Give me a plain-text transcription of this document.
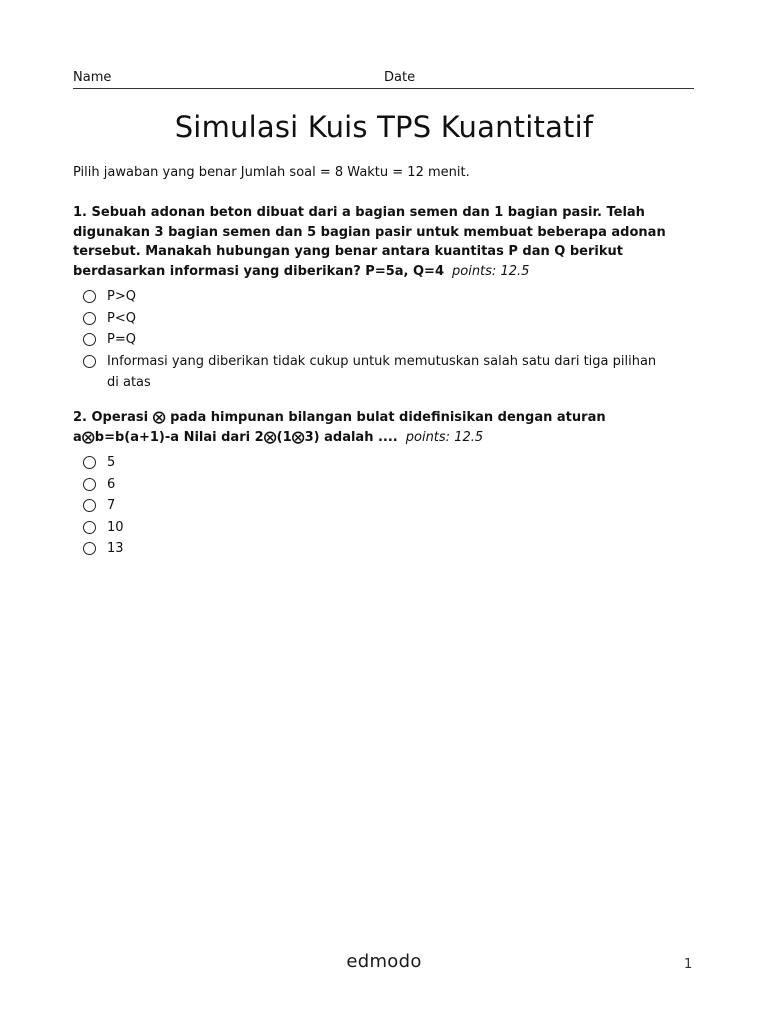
Name	Date
Simulasi Kuis TPS Kuantitatif
Pilih jawaban yang benar Jumlah soal = 8 Waktu = 12 menit.

1. Sebuah adonan beton dibuat dari a bagian semen dan 1 bagian pasir. Telah digunakan 3 bagian semen dan 5 bagian pasir untuk membuat beberapa adonan tersebut. Manakah hubungan yang benar antara kuantitas P dan Q berikut berdasarkan informasi yang diberikan? P=5a, Q=4 points: 12.5

P>Q
P<Q
P=Q
Informasi yang diberikan tidak cukup untuk memutuskan salah satu dari tiga pilihan di atas

2. Operasi ⨂ pada himpunan bilangan bulat didefinisikan dengan aturan a⨂b=b(a+1)-a Nilai dari 2⨂(1⨂3) adalah .... points: 12.5

5
6
7
10
13
edmodo	1
